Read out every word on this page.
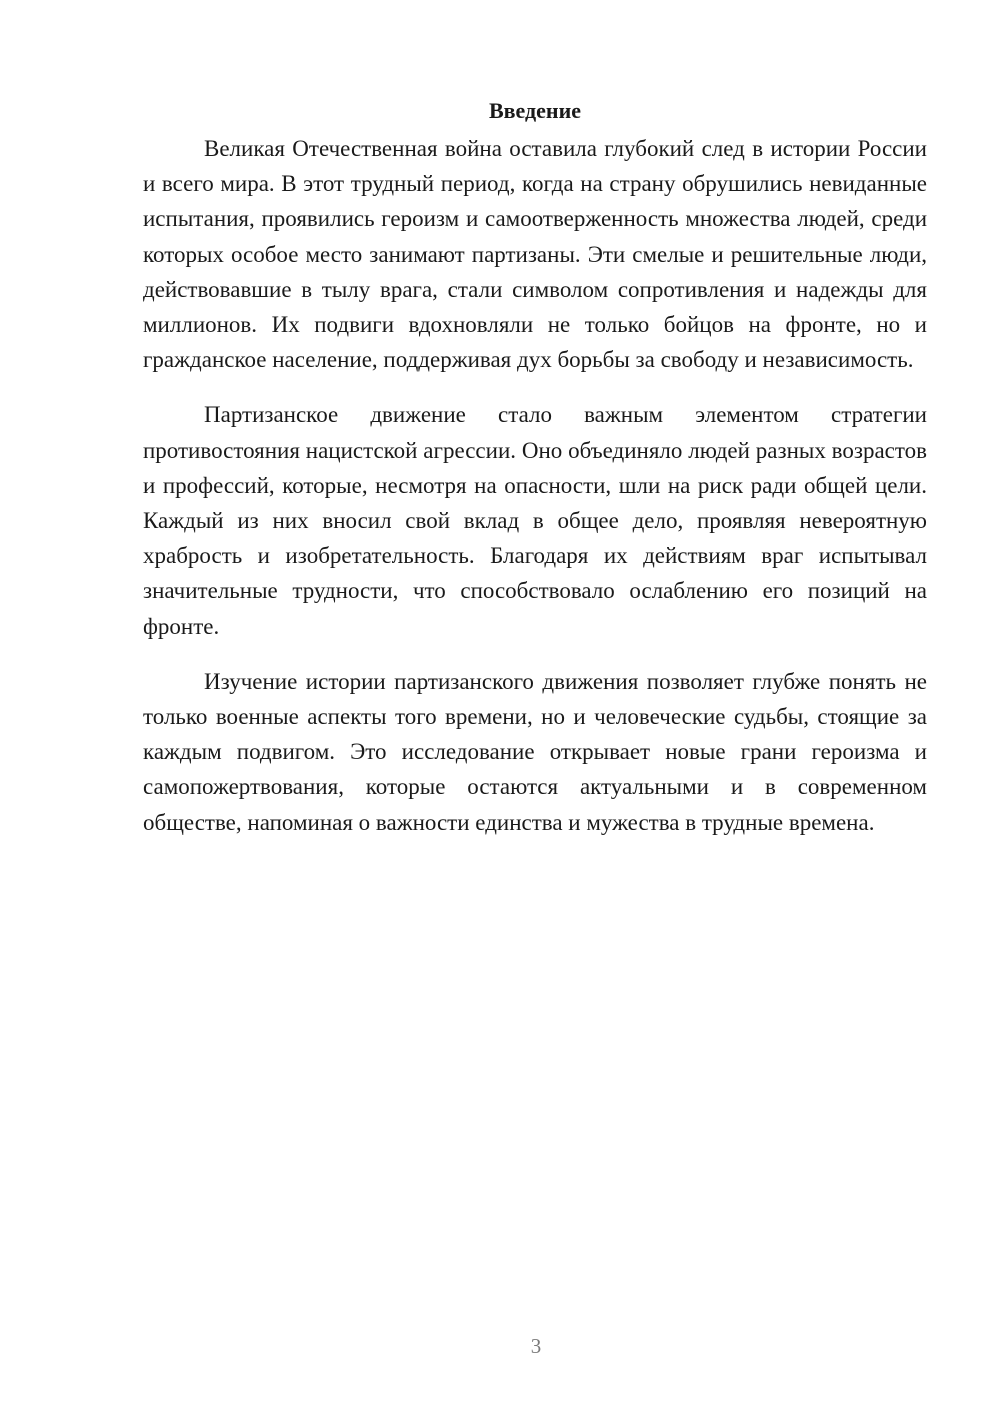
Введение

Великая Отечественная война оставила глубокий след в истории России и всего мира. В этот трудный период, когда на страну обрушились невиданные испытания, проявились героизм и самоотверженность множества людей, среди которых особое место занимают партизаны. Эти смелые и решительные люди, действовавшие в тылу врага, стали символом сопротивления и надежды для миллионов. Их подвиги вдохновляли не только бойцов на фронте, но и гражданское население, поддерживая дух борьбы за свободу и независимость.

Партизанское движение стало важным элементом стратегии противостояния нацистской агрессии. Оно объединяло людей разных возрастов и профессий, которые, несмотря на опасности, шли на риск ради общей цели. Каждый из них вносил свой вклад в общее дело, проявляя невероятную храбрость и изобретательность. Благодаря их действиям враг испытывал значительные трудности, что способствовало ослаблению его позиций на фронте.

Изучение истории партизанского движения позволяет глубже понять не только военные аспекты того времени, но и человеческие судьбы, стоящие за каждым подвигом. Это исследование открывает новые грани героизма и самопожертвования, которые остаются актуальными и в современном обществе, напоминая о важности единства и мужества в трудные времена.

3
